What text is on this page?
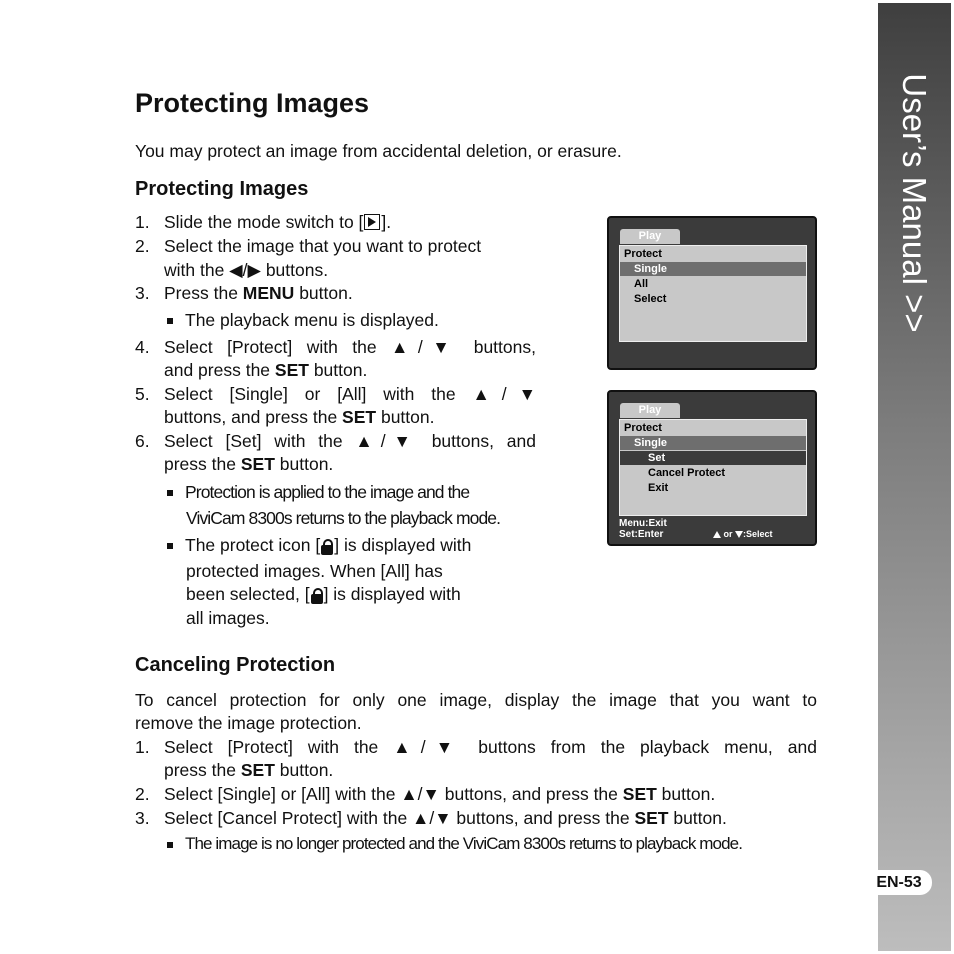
User’s Manual >>
EN-53
Protecting Images
You may protect an image from accidental deletion, or erasure.
Protecting Images
1. Slide the mode switch to [ ].
2. Select the image that you want to protect
with the ◀/▶ buttons.
3. Press the MENU button.
The playback menu is displayed.
4. Select [Protect] with the ▲/▼ buttons,
and press the SET button.
5. Select [Single] or [All] with the ▲/▼
buttons, and press the SET button.
6. Select [Set] with the ▲/▼ buttons, and
press the SET button.
Protection is applied to the image and the
ViviCam 8300s returns to the playback mode.
The protect icon [ ] is displayed with
protected images. When [All] has
been selected, [ ] is displayed with
all images.
Play
Protect
Single
All
Select
Play
Protect
Single
Set
Cancel Protect
Exit
Menu:Exit
Set:Enter	or :Select
Canceling Protection
To cancel protection for only one image, display the image that you want to
remove the image protection.
1. Select [Protect] with the ▲/▼ buttons from the playback menu, and
press the SET button.
2. Select [Single] or [All] with the ▲/▼ buttons, and press the SET button.
3. Select [Cancel Protect] with the ▲/▼ buttons, and press the SET button.
The image is no longer protected and the ViviCam 8300s returns to playback mode.
